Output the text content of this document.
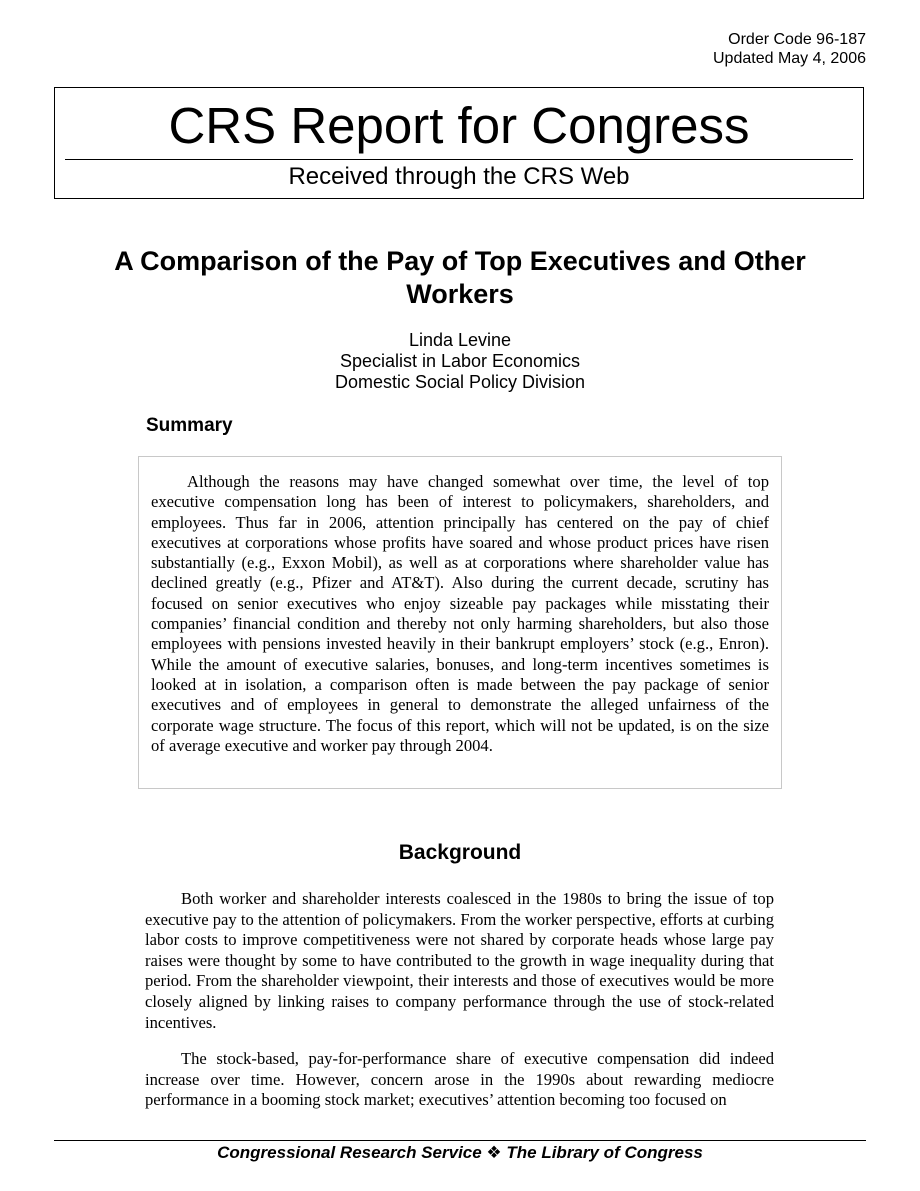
Order Code 96-187
Updated May 4, 2006
CRS Report for Congress
Received through the CRS Web
A Comparison of the Pay of Top Executives and Other Workers
Linda Levine
Specialist in Labor Economics
Domestic Social Policy Division
Summary

Although the reasons may have changed somewhat over time, the level of top executive compensation long has been of interest to policymakers, shareholders, and employees. Thus far in 2006, attention principally has centered on the pay of chief executives at corporations whose profits have soared and whose product prices have risen substantially (e.g., Exxon Mobil), as well as at corporations where shareholder value has declined greatly (e.g., Pfizer and AT&T). Also during the current decade, scrutiny has focused on senior executives who enjoy sizeable pay packages while misstating their companies’ financial condition and thereby not only harming shareholders, but also those employees with pensions invested heavily in their bankrupt employers’ stock (e.g., Enron). While the amount of executive salaries, bonuses, and long-term incentives sometimes is looked at in isolation, a comparison often is made between the pay package of senior executives and of employees in general to demonstrate the alleged unfairness of the corporate wage structure. The focus of this report, which will not be updated, is on the size of average executive and worker pay through 2004.

Background

Both worker and shareholder interests coalesced in the 1980s to bring the issue of top executive pay to the attention of policymakers. From the worker perspective, efforts at curbing labor costs to improve competitiveness were not shared by corporate heads whose large pay raises were thought by some to have contributed to the growth in wage inequality during that period. From the shareholder viewpoint, their interests and those of executives would be more closely aligned by linking raises to company performance through the use of stock-related incentives.

The stock-based, pay-for-performance share of executive compensation did indeed increase over time. However, concern arose in the 1990s about rewarding mediocre performance in a booming stock market; executives’ attention becoming too focused on

Congressional Research Service ❖ The Library of Congress
